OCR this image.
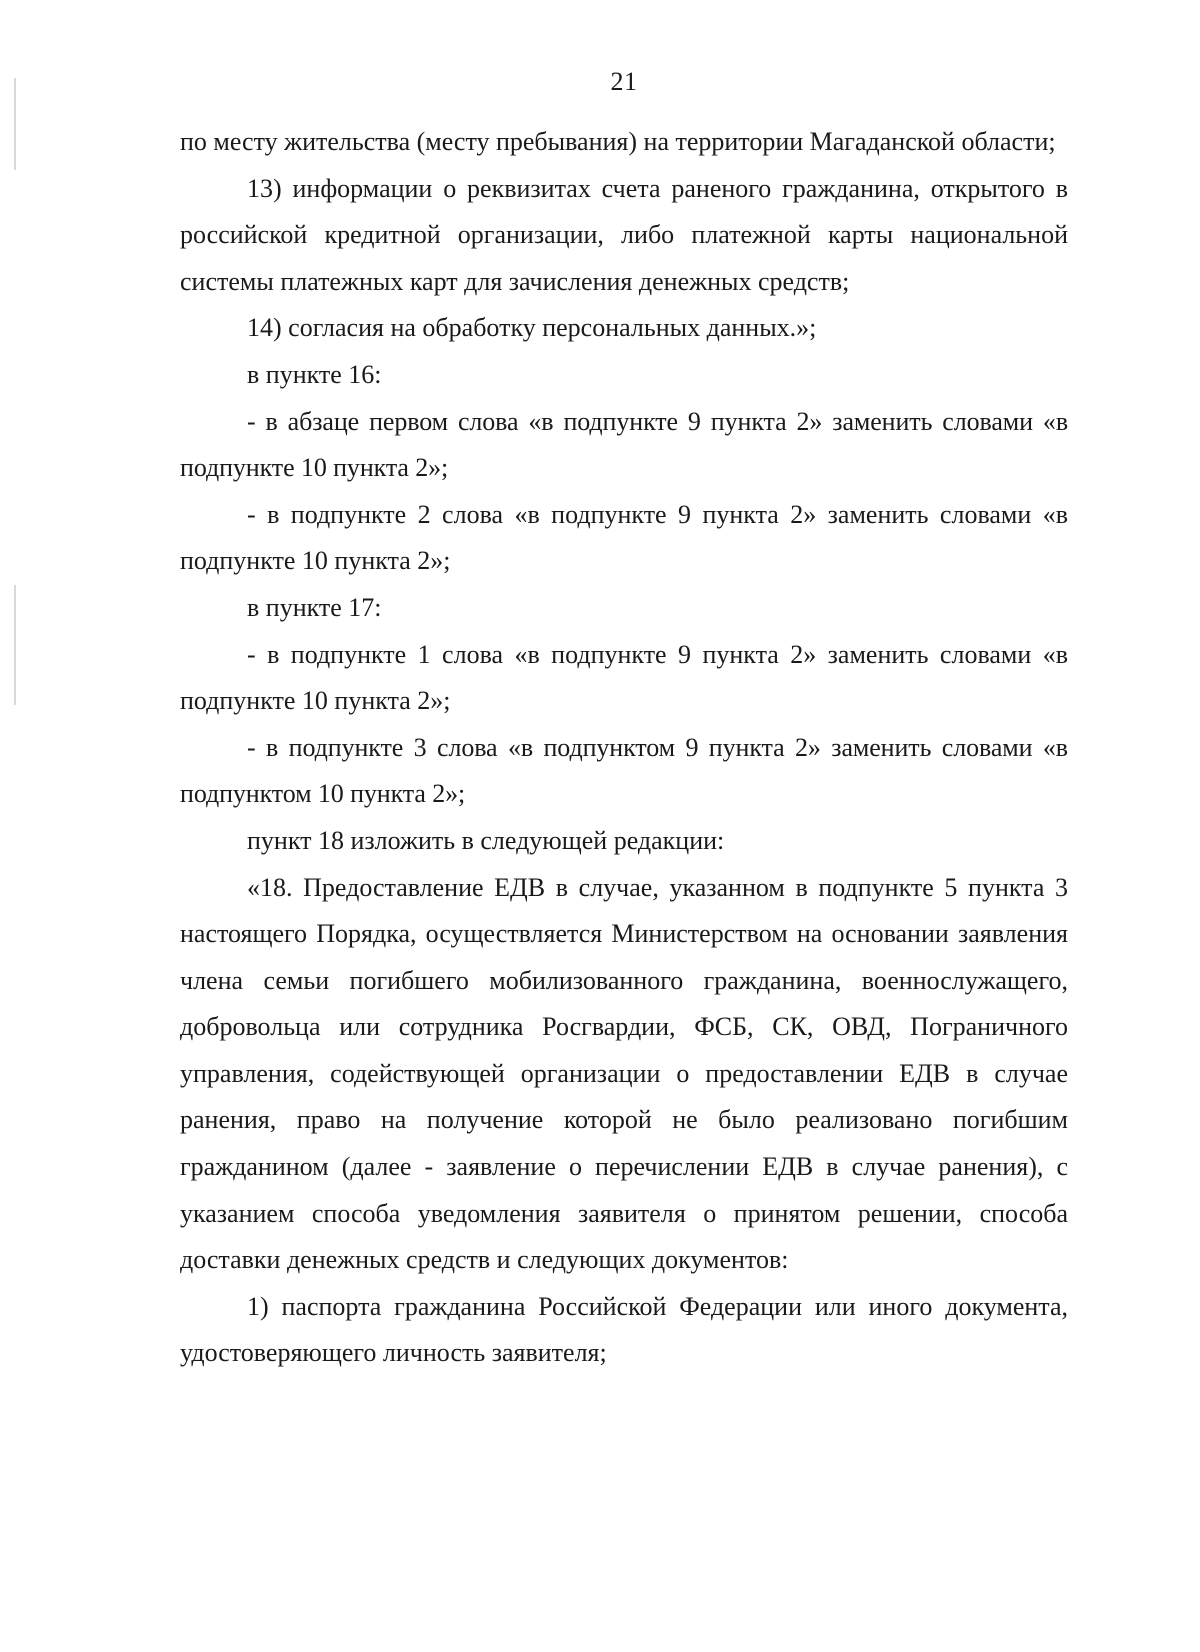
21

по месту жительства (месту пребывания) на территории Магаданской области;

13) информации о реквизитах счета раненого гражданина, открытого в российской кредитной организации, либо платежной карты национальной системы платежных карт для зачисления денежных средств;

14) согласия на обработку персональных данных.»;

в пункте 16:

- в абзаце первом слова «в подпункте 9 пункта 2» заменить словами «в подпункте 10 пункта 2»;

- в подпункте 2 слова «в подпункте 9 пункта 2» заменить словами «в подпункте 10 пункта 2»;

в пункте 17:

- в подпункте 1 слова «в подпункте 9 пункта 2» заменить словами «в подпункте 10 пункта 2»;

- в подпункте 3 слова «в подпунктом 9 пункта 2» заменить словами «в подпунктом 10 пункта 2»;

пункт 18 изложить в следующей редакции:

«18. Предоставление ЕДВ в случае, указанном в подпункте 5 пункта 3 настоящего Порядка, осуществляется Министерством на основании заявления члена семьи погибшего мобилизованного гражданина, военнослужащего, добровольца или сотрудника Росгвардии, ФСБ, СК, ОВД, Пограничного управления, содействующей организации о предоставлении ЕДВ в случае ранения, право на получение которой не было реализовано погибшим гражданином (далее - заявление о перечислении ЕДВ в случае ранения), с указанием способа уведомления заявителя о принятом решении, способа доставки денежных средств и следующих документов:

1) паспорта гражданина Российской Федерации или иного документа, удостоверяющего личность заявителя;
